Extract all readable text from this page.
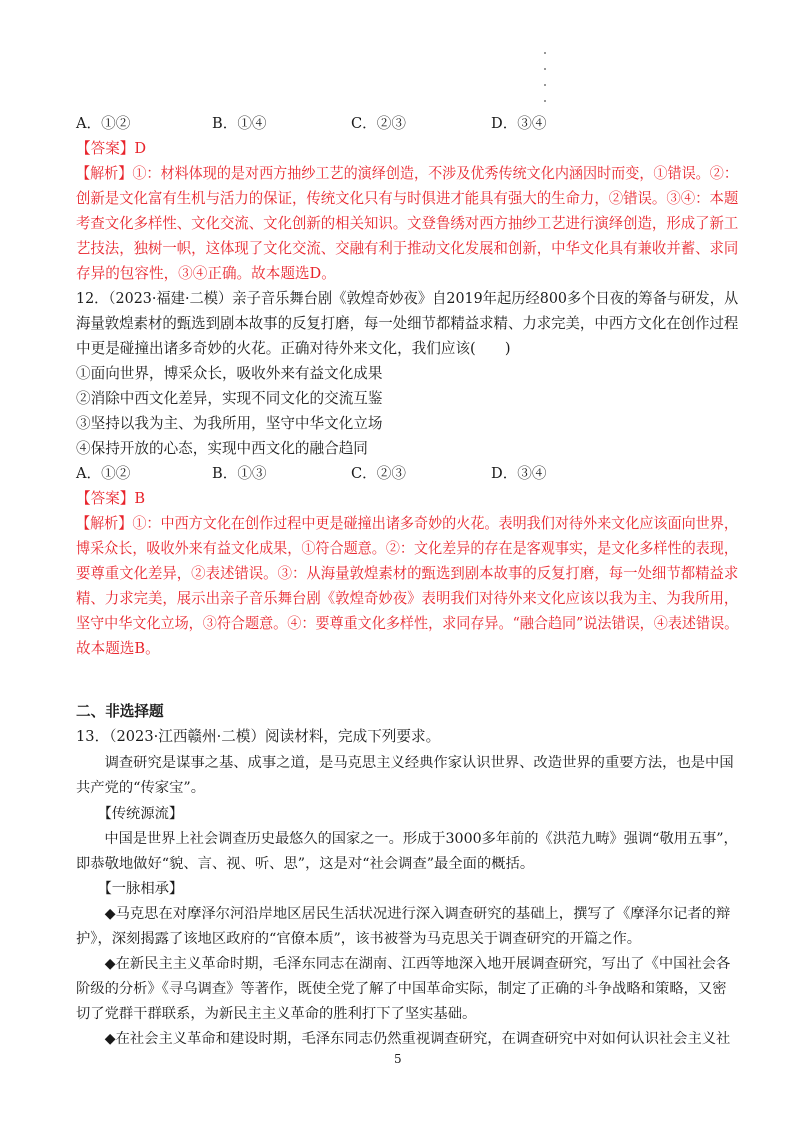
A．①②	B．①④	C．②③	D．③④
【答案】D
【解析】①：材料体现的是对西方抽纱工艺的演绎创造，不涉及优秀传统文化内涵因时而变，①错误。②：
创新是文化富有生机与活力的保证，传统文化只有与时俱进才能具有强大的生命力，②错误。③④：本题
考查文化多样性、文化交流、文化创新的相关知识。文登鲁绣对西方抽纱工艺进行演绎创造，形成了新工
艺技法，独树一帜，这体现了文化交流、交融有利于推动文化发展和创新，中华文化具有兼收并蓄、求同
存异的包容性，③④正确。故本题选D。
12．（2023·福建·二模）亲子音乐舞台剧《敦煌奇妙夜》自2019年起历经800多个日夜的筹备与研发，从
海量敦煌素材的甄选到剧本故事的反复打磨，每一处细节都精益求精、力求完美，中西方文化在创作过程
中更是碰撞出诸多奇妙的火花。正确对待外来文化，我们应该(　　)
①面向世界，博采众长，吸收外来有益文化成果
②消除中西文化差异，实现不同文化的交流互鉴
③坚持以我为主、为我所用，坚守中华文化立场
④保持开放的心态，实现中西文化的融合趋同
A．①②	B．①③	C．②③	D．③④
【答案】B
【解析】①：中西方文化在创作过程中更是碰撞出诸多奇妙的火花。表明我们对待外来文化应该面向世界，
博采众长，吸收外来有益文化成果，①符合题意。②：文化差异的存在是客观事实，是文化多样性的表现，
要尊重文化差异，②表述错误。③：从海量敦煌素材的甄选到剧本故事的反复打磨，每一处细节都精益求
精、力求完美，展示出亲子音乐舞台剧《敦煌奇妙夜》表明我们对待外来文化应该以我为主、为我所用，
坚守中华文化立场，③符合题意。④：要尊重文化多样性，求同存异。“融合趋同”说法错误，④表述错误。
故本题选B。
二、非选择题
13．（2023·江西赣州·二模）阅读材料，完成下列要求。
　　调查研究是谋事之基、成事之道，是马克思主义经典作家认识世界、改造世界的重要方法，也是中国
共产党的“传家宝”。
　　【传统源流】
　　中国是世界上社会调查历史最悠久的国家之一。形成于3000多年前的《洪范九畴》强调“敬用五事”，
即恭敬地做好“貌、言、视、听、思”，这是对“社会调查”最全面的概括。
　　【一脉相承】
　　◆马克思在对摩泽尔河沿岸地区居民生活状况进行深入调查研究的基础上，撰写了《摩泽尔记者的辩
护》，深刻揭露了该地区政府的“官僚本质”，该书被誉为马克思关于调查研究的开篇之作。
　　◆在新民主主义革命时期，毛泽东同志在湖南、江西等地深入地开展调查研究，写出了《中国社会各
阶级的分析》《寻乌调查》等著作，既使全党了解了中国革命实际，制定了正确的斗争战略和策略，又密
切了党群干群联系，为新民主主义革命的胜利打下了坚实基础。
　　◆在社会主义革命和建设时期，毛泽东同志仍然重视调查研究，在调查研究中对如何认识社会主义社
5
